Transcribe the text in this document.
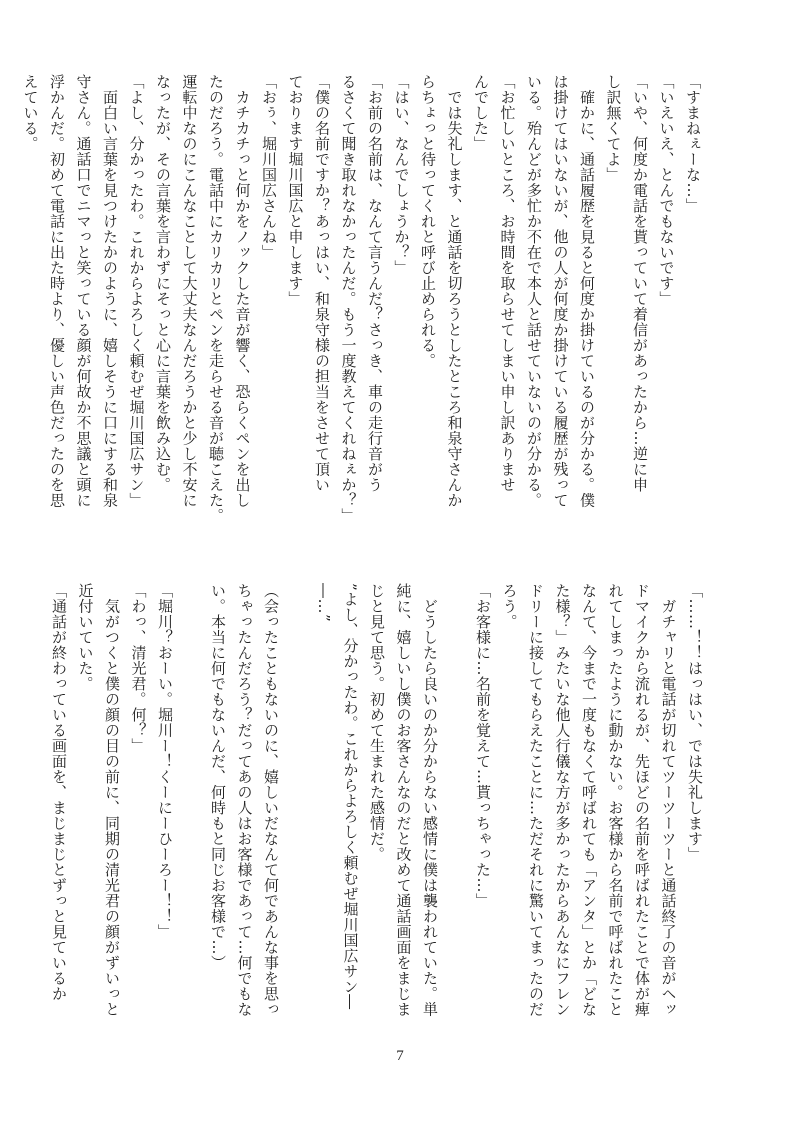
「すまねぇーな…」
「いえいえ、とんでもないです」
「いや、何度か電話を貰っていて着信があったから…逆に申
し訳無くてよ」
　確かに、通話履歴を見ると何度か掛けているのが分かる。僕
は掛けてはいないが、他の人が何度か掛けている履歴が残って
いる。殆んどが多忙か不在で本人と話せていないのが分かる。
「お忙しいところ、お時間を取らせてしまい申し訳ありませ
んでした」
　では失礼します、と通話を切ろうとしたところ和泉守さんか
らちょっと待ってくれと呼び止められる。
「はい、なんでしょうか？」
「お前の名前は、なんて言うんだ？さっき、車の走行音がう
るさくて聞き取れなかったんだ。もう一度教えてくれねぇか？」
「僕の名前ですか？あっはい、和泉守様の担当をさせて頂い
ております堀川国広と申します」
「おぅ、堀川国広さんね」
　カチカチっと何かをノックした音が響く、恐らくペンを出し
たのだろう。電話中にカリカリとペンを走らせる音が聴こえた。
運転中なのにこんなことして大丈夫なんだろうかと少し不安に
なったが、その言葉を言わずにそっと心に言葉を飲み込む。
「よし、分かったわ。これからよろしく頼むぜ堀川国広サン」
　面白い言葉を見つけたかのように、嬉しそうに口にする和泉
守さん。通話口でニマっと笑っている顔が何故か不思議と頭に
浮かんだ。初めて電話に出た時より、優しい声色だったのを思
えている。
「……！！はっはい、では失礼します」
　ガチャリと電話が切れてツーツーツーと通話終了の音がヘッ
ドマイクから流れるが、先ほどの名前を呼ばれたことで体が痺
れてしまったように動かない。お客様から名前で呼ばれたこと
なんて、今まで一度もなくて呼ばれても「アンタ」とか「どな
た様？」みたいな他人行儀な方が多かったからあんなにフレン
ドリーに接してもらえたことに…ただそれに驚いてまったのだ
ろう。
「お客様に…名前を覚えて…貰っちゃった…」

　どうしたら良いのか分からない感情に僕は襲われていた。単
純に、嬉しいし僕のお客さんなのだと改めて通話画面をまじま
じと見て思う。初めて生まれた感情だ。
”よし、分かったわ。これからよろしく頼むぜ堀川国広サン―
―…”

（会ったこともないのに、嬉しいだなんて何であんな事を思っ
ちゃったんだろう？だってあの人はお客様であって…何でもな
い。本当に何でもないんだ、何時もと同じお客様で…）

「堀川？おーい。堀川ー！くーにーひーろー！！」
「わっ、清光君。何？」
　気がつくと僕の顔の目の前に、同期の清光君の顔がずいっと
近付いていた。
「通話が終わっている画面を、まじまじとずっと見ているか
7
